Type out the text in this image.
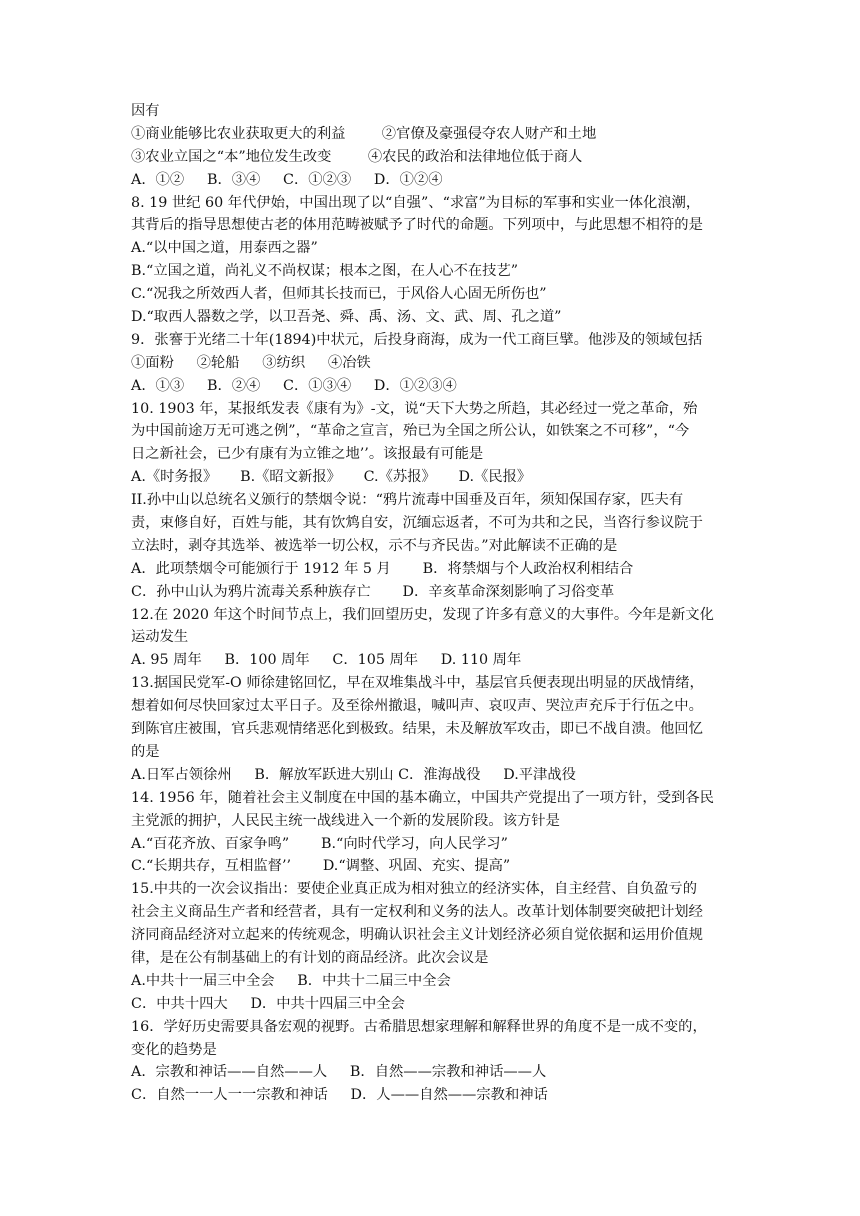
因有
①商业能够比农业获取更大的利益        ②官僚及豪强侵夺农人财产和土地
③农业立国之“本”地位发生改变        ④农民的政治和法律地位低于商人
A．①②     B．③④     C．①②③     D．①②④
8. 19 世纪 60 年代伊始，中国出现了以“自强”、“求富”为目标的军事和实业一体化浪潮，
其背后的指导思想使古老的体用范畴被赋予了时代的命题。下列项中，与此思想不相符的是
A.“以中国之道，用泰西之器”
B.“立国之道，尚礼义不尚权谋；根本之图，在人心不在技艺”
C.“况我之所效西人者，但师其长技而已，于风俗人心固无所伤也”
D.“取西人器数之学，以卫吾尧、舜、禹、汤、文、武、周、孔之道”
9．张謇于光绪二十年(1894)中状元，后投身商海，成为一代工商巨擘。他涉及的领域包括
①面粉     ②轮船     ③纺织     ④冶铁
A．①③     B．②④     C．①③④     D．①②③④
10. 1903 年，某报纸发表《康有为》-文，说“天下大势之所趋，其必经过一党之革命，殆
为中国前途万无可逃之例”，“革命之宣言，殆已为全国之所公认，如铁案之不可移”，“今
日之新社会，已少有康有为立锥之地’’。该报最有可能是
A.《时务报》     B.《昭文新报》     C.《苏报》     D.《民报》
II.孙中山以总统名义颁行的禁烟令说：“鸦片流毒中国垂及百年，须知保国存家，匹夫有
责，束修自好，百姓与能，其有饮鸩自安，沉缅忘返者，不可为共和之民，当咨行参议院于
立法时，剥夺其选举、被选举一切公权，示不与齐民齿。”对此解读不正确的是
A．此项禁烟令可能颁行于 1912 年 5 月       B．将禁烟与个人政治权利相结合
C．孙中山认为鸦片流毒关系种族存亡       D．辛亥革命深刻影响了习俗变革
12.在 2020 年这个时间节点上，我们回望历史，发现了许多有意义的大事件。今年是新文化
运动发生
A. 95 周年     B．100 周年     C．105 周年     D. 110 周年
13.据国民党军-O 师徐建铭回忆，早在双堆集战斗中，基层官兵便表现出明显的厌战情绪，
想着如何尽快回家过太平日子。及至徐州撤退，喊叫声、哀叹声、哭泣声充斥于行伍之中。
到陈官庄被围，官兵悲观情绪恶化到极致。结果，未及解放军攻击，即已不战自溃。他回忆
的是
A.日军占领徐州     B．解放军跃进大别山 C．淮海战役     D.平津战役
14. 1956 年，随着社会主义制度在中国的基本确立，中国共产党提出了一项方针，受到各民
主党派的拥护，人民民主统一战线进入一个新的发展阶段。该方针是
A.“百花齐放、百家争鸣”       B.“向时代学习，向人民学习”
C.“长期共存，互相监督’’       D.“调整、巩固、充实、提高”
15.中共的一次会议指出：要使企业真正成为相对独立的经济实体，自主经营、自负盈亏的
社会主义商品生产者和经营者，具有一定权利和义务的法人。改革计划体制要突破把计划经
济同商品经济对立起来的传统观念，明确认识社会主义计划经济必须自觉依据和运用价值规
律，是在公有制基础上的有计划的商品经济。此次会议是
A.中共十一届三中全会     B．中共十二届三中全会
C．中共十四大     D．中共十四届三中全会
16．学好历史需要具备宏观的视野。古希腊思想家理解和解释世界的角度不是一成不变的，
变化的趋势是
A．宗教和神话——自然——人     B．自然——宗教和神话——人
C．自然一一人一一宗教和神话     D．人——自然——宗教和神话
